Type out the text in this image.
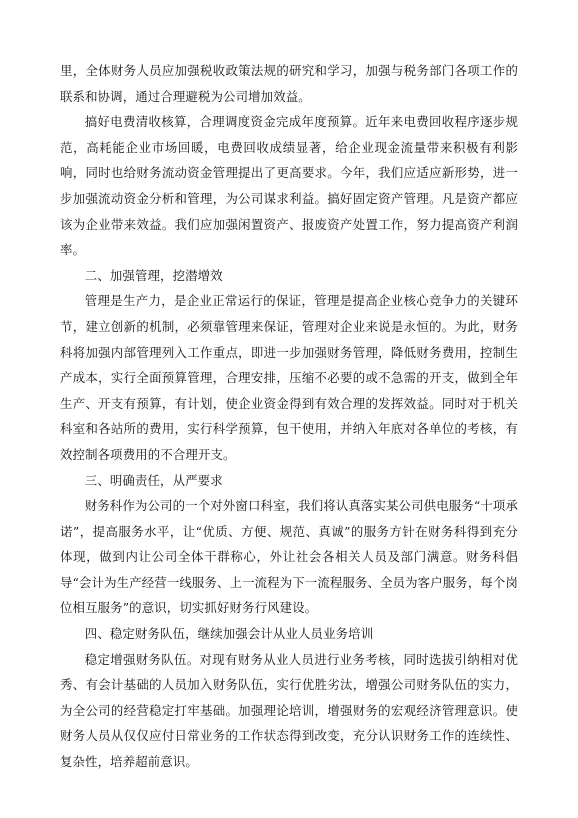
里，全体财务人员应加强税收政策法规的研究和学习，加强与税务部门各项工作的联系和协调，通过合理避税为公司增加效益。

搞好电费清收核算，合理调度资金完成年度预算。近年来电费回收程序逐步规范，高耗能企业市场回暖，电费回收成绩显著，给企业现金流量带来积极有利影响，同时也给财务流动资金管理提出了更高要求。今年，我们应适应新形势，进一步加强流动资金分析和管理，为公司谋求利益。搞好固定资产管理。凡是资产都应该为企业带来效益。我们应加强闲置资产、报废资产处置工作，努力提高资产利润率。

二、加强管理，挖潜增效

管理是生产力，是企业正常运行的保证，管理是提高企业核心竞争力的关键环节，建立创新的机制，必须靠管理来保证，管理对企业来说是永恒的。为此，财务科将加强内部管理列入工作重点，即进一步加强财务管理，降低财务费用，控制生产成本，实行全面预算管理，合理安排，压缩不必要的或不急需的开支，做到全年生产、开支有预算，有计划，使企业资金得到有效合理的发挥效益。同时对于机关科室和各站所的费用，实行科学预算，包干使用，并纳入年底对各单位的考核，有效控制各项费用的不合理开支。

三、明确责任，从严要求

财务科作为公司的一个对外窗口科室，我们将认真落实某公司供电服务“十项承诺”，提高服务水平，让“优质、方便、规范、真诚”的服务方针在财务科得到充分体现，做到内让公司全体干群称心，外让社会各相关人员及部门满意。财务科倡导“会计为生产经营一线服务、上一流程为下一流程服务、全员为客户服务，每个岗位相互服务”的意识，切实抓好财务行风建设。

四、稳定财务队伍，继续加强会计从业人员业务培训

稳定增强财务队伍。对现有财务从业人员进行业务考核，同时选拔引纳相对优秀、有会计基础的人员加入财务队伍，实行优胜劣汰，增强公司财务队伍的实力，为全公司的经营稳定打牢基础。加强理论培训，增强财务的宏观经济管理意识。使财务人员从仅仅应付日常业务的工作状态得到改变，充分认识财务工作的连续性、复杂性，培养超前意识。
